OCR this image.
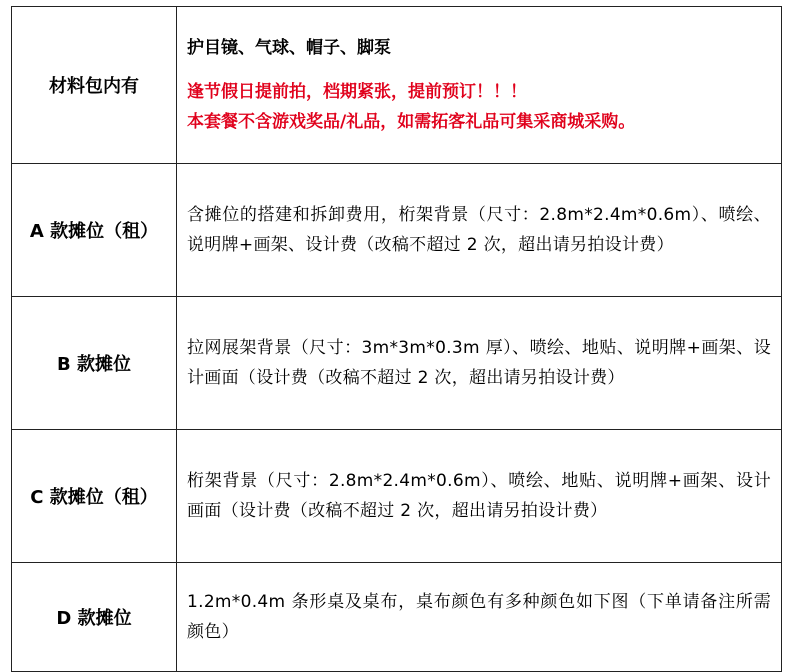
材料包内有	护目镜、气球、帽子、脚泵
逢节假日提前拍，档期紧张，提前预订！！！
本套餐不含游戏奖品/礼品，如需拓客礼品可集采商城采购。

A 款摊位（租）	含摊位的搭建和拆卸费用，桁架背景（尺寸：2.8m*2.4m*0.6m）、喷绘、说明牌+画架、设计费（改稿不超过 2 次，超出请另拍设计费）
B 款摊位	拉网展架背景（尺寸：3m*3m*0.3m 厚）、喷绘、地贴、说明牌+画架、设计画面（设计费（改稿不超过 2 次，超出请另拍设计费）
C 款摊位（租）	桁架背景（尺寸：2.8m*2.4m*0.6m）、喷绘、地贴、说明牌+画架、设计画面（设计费（改稿不超过 2 次，超出请另拍设计费）
D 款摊位	1.2m*0.4m 条形桌及桌布，桌布颜色有多种颜色如下图（下单请备注所需颜色）
